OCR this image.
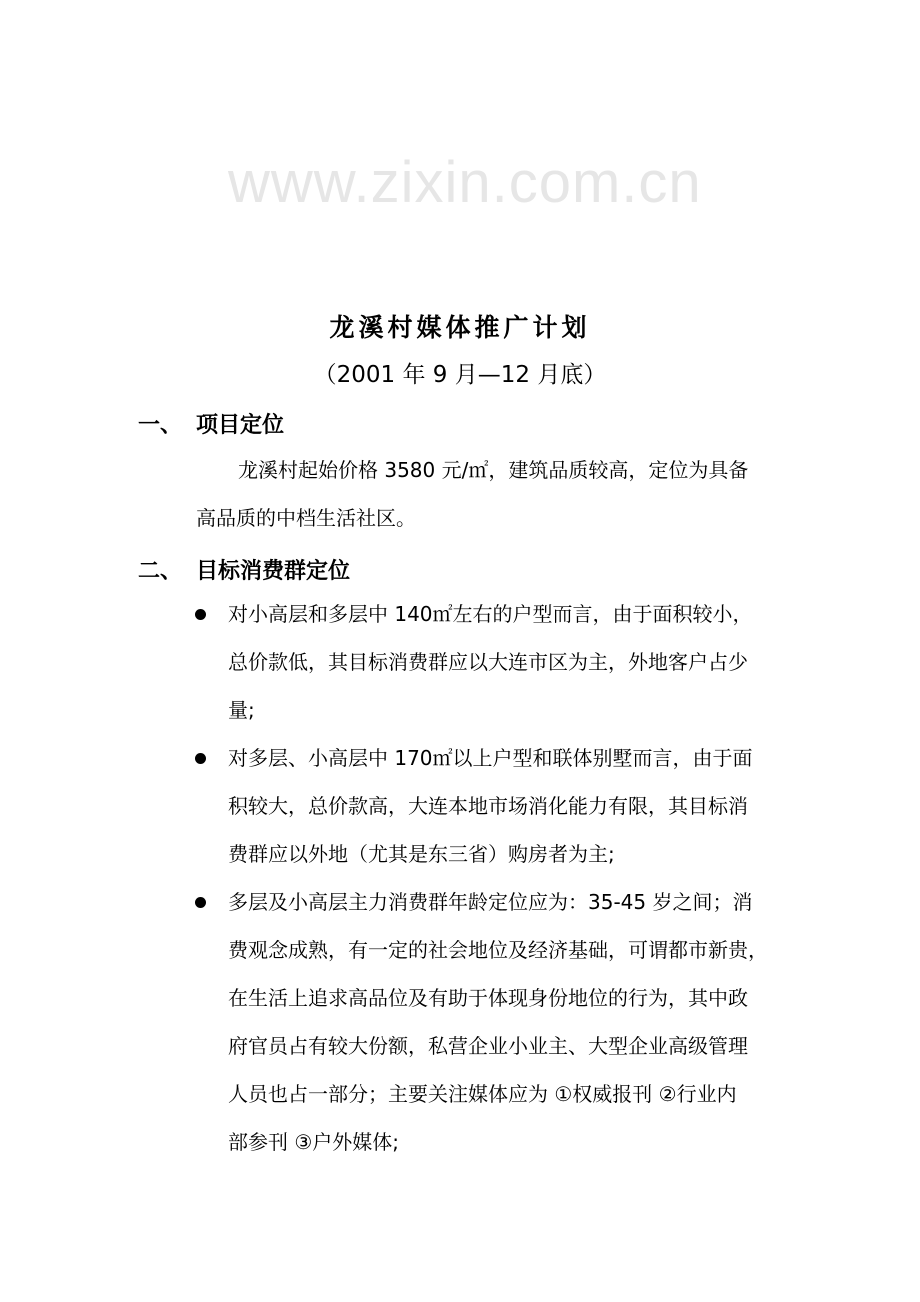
www.zixin.com.cn
龙溪村媒体推广计划
（2001 年 9 月—12 月底）
一、 项目定位
龙溪村起始价格 3580 元/㎡，建筑品质较高，定位为具备
高品质的中档生活社区。
二、 目标消费群定位
对小高层和多层中 140㎡左右的户型而言，由于面积较小，
总价款低，其目标消费群应以大连市区为主，外地客户占少
量;
对多层、小高层中 170㎡以上户型和联体别墅而言，由于面
积较大，总价款高，大连本地市场消化能力有限，其目标消
费群应以外地（尤其是东三省）购房者为主;
多层及小高层主力消费群年龄定位应为：35-45 岁之间；消
费观念成熟，有一定的社会地位及经济基础，可谓都市新贵，
在生活上追求高品位及有助于体现身份地位的行为，其中政
府官员占有较大份额，私营企业小业主、大型企业高级管理
人员也占一部分；主要关注媒体应为 ①权威报刊 ②行业内
部参刊 ③户外媒体;
